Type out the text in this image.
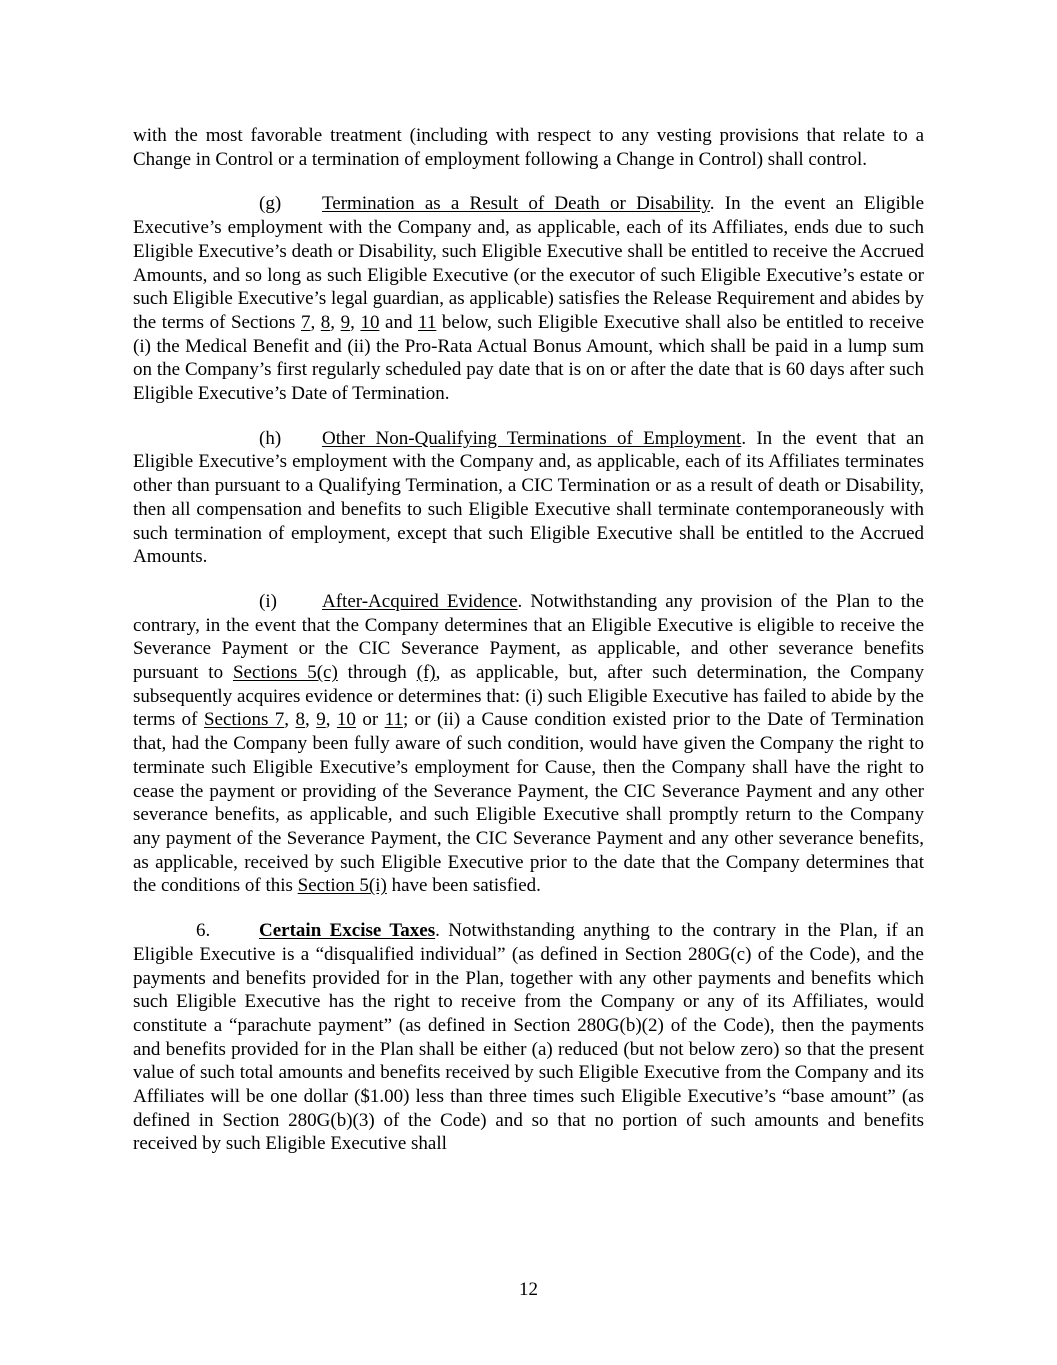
with the most favorable treatment (including with respect to any vesting provisions that relate to a Change in Control or a termination of employment following a Change in Control) shall control.

(g) Termination as a Result of Death or Disability. In the event an Eligible Executive’s employment with the Company and, as applicable, each of its Affiliates, ends due to such Eligible Executive’s death or Disability, such Eligible Executive shall be entitled to receive the Accrued Amounts, and so long as such Eligible Executive (or the executor of such Eligible Executive’s estate or such Eligible Executive’s legal guardian, as applicable) satisfies the Release Requirement and abides by the terms of Sections 7, 8, 9, 10 and 11 below, such Eligible Executive shall also be entitled to receive (i) the Medical Benefit and (ii) the Pro-Rata Actual Bonus Amount, which shall be paid in a lump sum on the Company’s first regularly scheduled pay date that is on or after the date that is 60 days after such Eligible Executive’s Date of Termination.

(h) Other Non-Qualifying Terminations of Employment. In the event that an Eligible Executive’s employment with the Company and, as applicable, each of its Affiliates terminates other than pursuant to a Qualifying Termination, a CIC Termination or as a result of death or Disability, then all compensation and benefits to such Eligible Executive shall terminate contemporaneously with such termination of employment, except that such Eligible Executive shall be entitled to the Accrued Amounts.

(i) After-Acquired Evidence. Notwithstanding any provision of the Plan to the contrary, in the event that the Company determines that an Eligible Executive is eligible to receive the Severance Payment or the CIC Severance Payment, as applicable, and other severance benefits pursuant to Sections 5(c) through (f), as applicable, but, after such determination, the Company subsequently acquires evidence or determines that: (i) such Eligible Executive has failed to abide by the terms of Sections 7, 8, 9, 10 or 11; or (ii) a Cause condition existed prior to the Date of Termination that, had the Company been fully aware of such condition, would have given the Company the right to terminate such Eligible Executive’s employment for Cause, then the Company shall have the right to cease the payment or providing of the Severance Payment, the CIC Severance Payment and any other severance benefits, as applicable, and such Eligible Executive shall promptly return to the Company any payment of the Severance Payment, the CIC Severance Payment and any other severance benefits, as applicable, received by such Eligible Executive prior to the date that the Company determines that the conditions of this Section 5(i) have been satisfied.

6.	Certain Excise Taxes. Notwithstanding anything to the contrary in the Plan, if an Eligible Executive is a “disqualified individual” (as defined in Section 280G(c) of the Code), and the payments and benefits provided for in the Plan, together with any other payments and benefits which such Eligible Executive has the right to receive from the Company or any of its Affiliates, would constitute a “parachute payment” (as defined in Section 280G(b)(2) of the Code), then the payments and benefits provided for in the Plan shall be either (a) reduced (but not below zero) so that the present value of such total amounts and benefits received by such Eligible Executive from the Company and its Affiliates will be one dollar ($1.00) less than three times such Eligible Executive’s “base amount” (as defined in Section 280G(b)(3) of the Code) and so that no portion of such amounts and benefits received by such Eligible Executive shall

12
